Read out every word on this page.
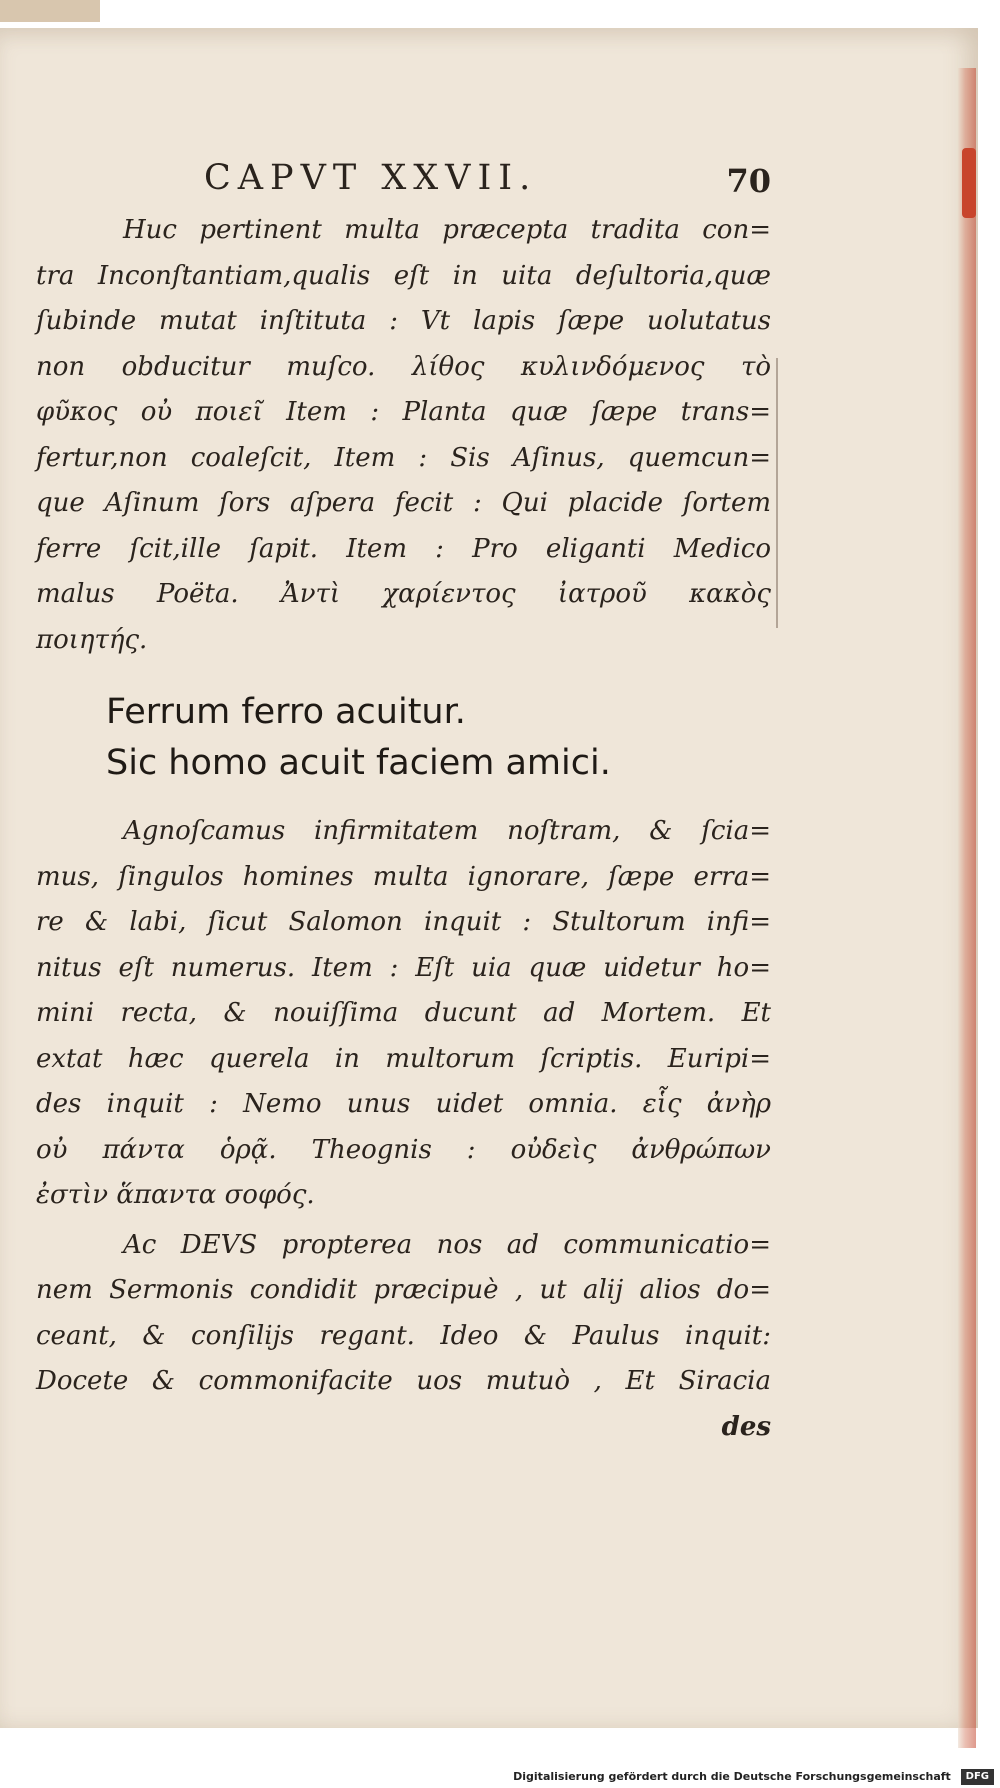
CAPVT XXVII.	70
Huc pertinent multa præcepta tradita con=
tra Inconſtantiam,qualis eſt in uita deſultoria,quæ
ſubinde mutat inſtituta : Vt lapis ſæpe uolutatus
non obducitur muſco. λίθος κυλινδόμενος τὸ
φῦκος οὐ ποιεῖ Item : Planta quæ ſæpe trans=
fertur,non coaleſcit, Item : Sis Aſinus, quemcun=
que Aſinum ſors aſpera fecit : Qui placide ſortem
ferre ſcit,ille ſapit. Item : Pro eliganti Medico
malus Poëta. Ἀντὶ χαρίεντος ἰατροῦ κακὸς
ποιητής.
Ferrum ferro acuitur.
Sic homo acuit faciem amici.
Agnoſcamus infirmitatem noſtram, & ſcia=
mus, ſingulos homines multa ignorare, ſæpe erra=
re & labi, ſicut Salomon inquit : Stultorum infi=
nitus eſt numerus. Item : Eſt uia quæ uidetur ho=
mini recta, & nouiſſima ducunt ad Mortem. Et
extat hæc querela in multorum ſcriptis. Euripi=
des inquit : Nemo unus uidet omnia. εἷς ἀνὴρ
οὐ πάντα ὁρᾷ. Theognis : οὐδεὶς ἀνθρώπων
ἐστὶν ἅπαντα σοφός.
Ac DEVS propterea nos ad communicatio=
nem Sermonis condidit præcipuè , ut alij alios do=
ceant, & conſilijs regant. Ideo & Paulus inquit:
Docete & commonifacite uos mutuò , Et Siracia
des
Digitalisierung gefördert durch die Deutsche Forschungsgemeinschaft DFG
